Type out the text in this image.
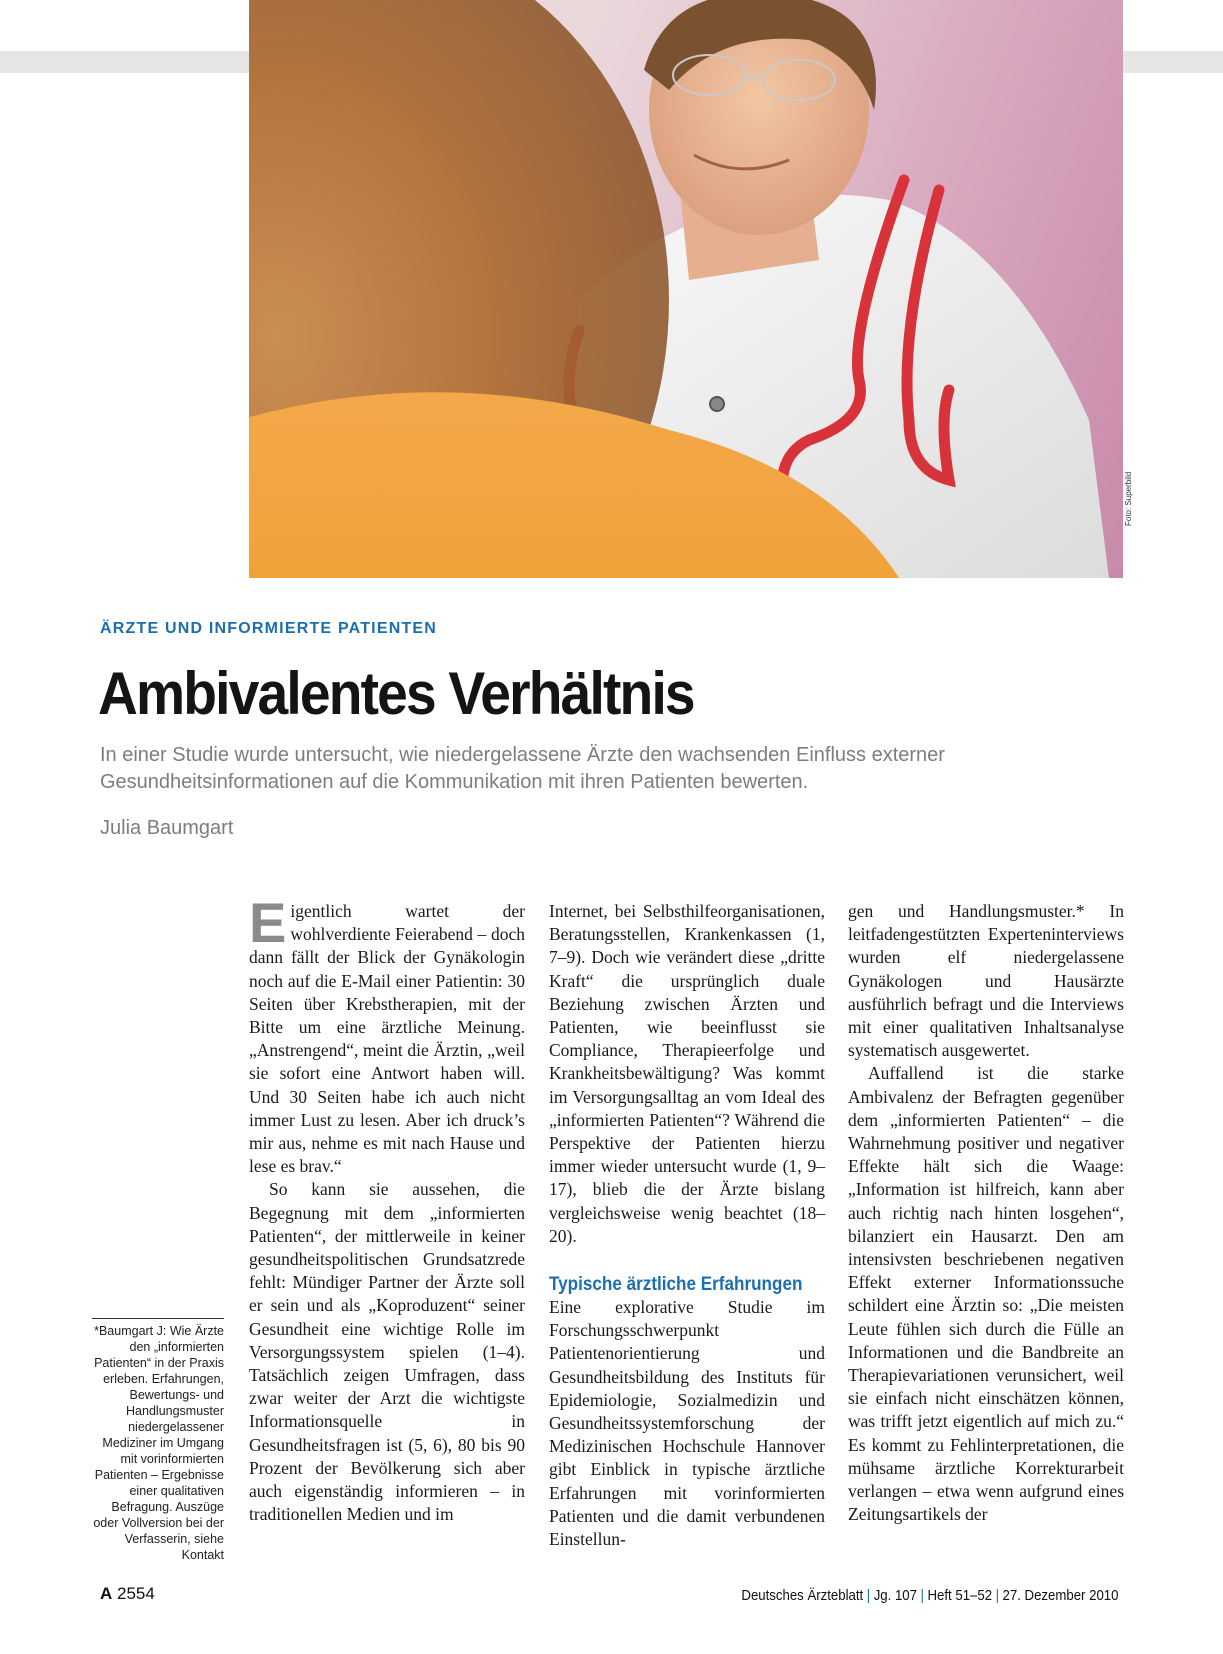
Foto: Superbild
ÄRZTE UND INFORMIERTE PATIENTEN
Ambivalentes Verhältnis

In einer Studie wurde untersucht, wie niedergelassene Ärzte den wachsenden Einfluss externer Gesundheitsinformationen auf die Kommunikation mit ihren Patienten bewerten.

Julia Baumgart
*Baumgart J: Wie Ärzte den „informierten Patienten“ in der Praxis erleben. Erfahrungen, Bewertungs- und Handlungsmuster niedergelassener Mediziner im Umgang mit vorinformierten Patienten – Ergebnisse einer qualitativen Befragung. Auszüge oder Vollversion bei der Verfasserin, siehe Kontakt

Eigentlich wartet der wohlverdiente Feierabend – doch dann fällt der Blick der Gynäkologin noch auf die E-Mail einer Patientin: 30 Seiten über Krebstherapien, mit der Bitte um eine ärztliche Meinung. „Anstrengend“, meint die Ärztin, „weil sie sofort eine Antwort haben will. Und 30 Seiten habe ich auch nicht immer Lust zu lesen. Aber ich druck’s mir aus, nehme es mit nach Hause und lese es brav.“

So kann sie aussehen, die Begegnung mit dem „informierten Patienten“, der mittlerweile in keiner gesundheitspolitischen Grundsatzrede fehlt: Mündiger Partner der Ärzte soll er sein und als „Koproduzent“ seiner Gesundheit eine wichtige Rolle im Versorgungssystem spielen (1–4). Tatsächlich zeigen Umfragen, dass zwar weiter der Arzt die wichtigste Informationsquelle in Gesundheitsfragen ist (5, 6), 80 bis 90 Prozent der Bevölkerung sich aber auch eigenständig informieren – in traditionellen Medien und im

Internet, bei Selbsthilfeorganisationen, Beratungsstellen, Krankenkassen (1, 7–9). Doch wie verändert diese „dritte Kraft“ die ursprünglich duale Beziehung zwischen Ärzten und Patienten, wie beeinflusst sie Compliance, Therapieerfolge und Krankheitsbewältigung? Was kommt im Versorgungsalltag an vom Ideal des „informierten Patienten“? Während die Perspektive der Patienten hierzu immer wieder untersucht wurde (1, 9–17), blieb die der Ärzte bislang vergleichsweise wenig beachtet (18–20).

Typische ärztliche Erfahrungen

Eine explorative Studie im Forschungsschwerpunkt Patientenorientierung und Gesundheitsbildung des Instituts für Epidemiologie, Sozialmedizin und Gesundheitssystemforschung der Medizinischen Hochschule Hannover gibt Einblick in typische ärztliche Erfahrungen mit vorinformierten Patienten und die damit verbundenen Einstellun-

gen und Handlungsmuster.* In leitfadengestützten Experteninterviews wurden elf niedergelassene Gynäkologen und Hausärzte ausführlich befragt und die Interviews mit einer qualitativen Inhaltsanalyse systematisch ausgewertet.

Auffallend ist die starke Ambivalenz der Befragten gegenüber dem „informierten Patienten“ – die Wahrnehmung positiver und negativer Effekte hält sich die Waage: „Information ist hilfreich, kann aber auch richtig nach hinten losgehen“, bilanziert ein Hausarzt. Den am intensivsten beschriebenen negativen Effekt externer Informationssuche schildert eine Ärztin so: „Die meisten Leute fühlen sich durch die Fülle an Informationen und die Bandbreite an Therapievariationen verunsichert, weil sie einfach nicht einschätzen können, was trifft jetzt eigentlich auf mich zu.“ Es kommt zu Fehlinterpretationen, die mühsame ärztliche Korrekturarbeit verlangen – etwa wenn aufgrund eines Zeitungsartikels der

A 2554	Deutsches Ärzteblatt | Jg. 107 | Heft 51–52 | 27. Dezember 2010
